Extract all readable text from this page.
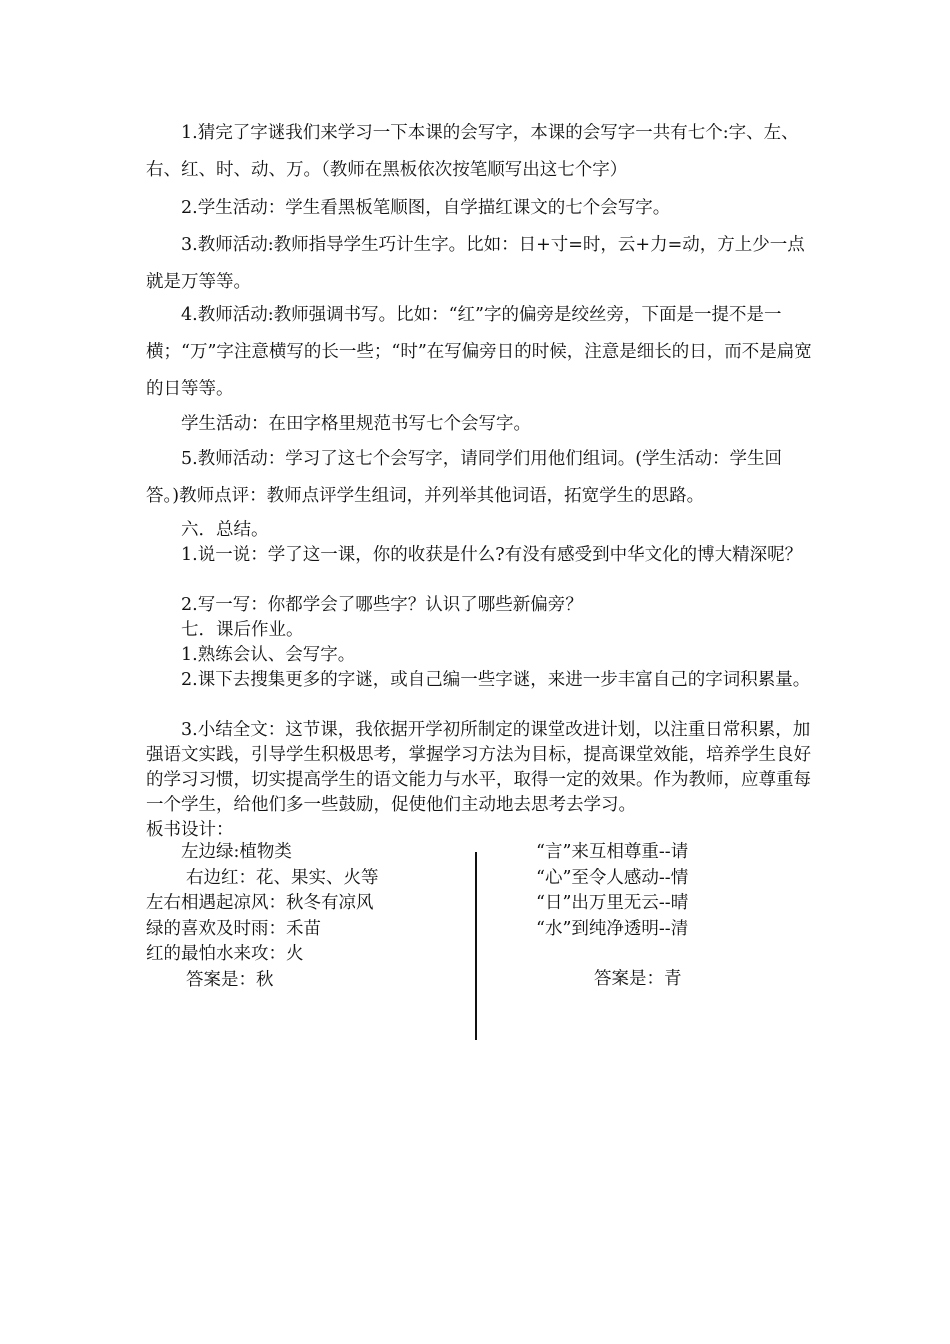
1.猜完了字谜我们来学习一下本课的会写字，本课的会写字一共有七个:字、左、右、红、时、动、万。（教师在黑板依次按笔顺写出这七个字）

2.学生活动：学生看黑板笔顺图，自学描红课文的七个会写字。

3.教师活动:教师指导学生巧计生字。比如：日+寸=时，云+力=动，方上少一点就是万等等。

4.教师活动:教师强调书写。比如：“红”字的偏旁是绞丝旁，下面是一提不是一横；“万”字注意横写的长一些；“时”在写偏旁日的时候，注意是细长的日，而不是扁宽的日等等。

学生活动：在田字格里规范书写七个会写字。

5.教师活动：学习了这七个会写字，请同学们用他们组词。(学生活动：学生回答。)教师点评：教师点评学生组词，并列举其他词语，拓宽学生的思路。

六．总结。

1.说一说：学了这一课，你的收获是什么?有没有感受到中华文化的博大精深呢？

2.写一写：你都学会了哪些字？认识了哪些新偏旁？

七．课后作业。

1.熟练会认、会写字。

2.课下去搜集更多的字谜，或自己编一些字谜，来进一步丰富自己的字词积累量。

3.小结全文：这节课，我依据开学初所制定的课堂改进计划，以注重日常积累，加强语文实践，引导学生积极思考，掌握学习方法为目标，提高课堂效能，培养学生良好的学习习惯，切实提高学生的语文能力与水平，取得一定的效果。作为教师，应尊重每一个学生，给他们多一些鼓励，促使他们主动地去思考去学习。

板书设计：

左边绿:植物类
右边红：花、果实、火等
左右相遇起凉风：秋冬有凉风
绿的喜欢及时雨：禾苗
红的最怕水来攻：火
答案是：秋
“言”来互相尊重--请
“心”至令人感动--情
“日”出万里无云--晴
“水”到纯净透明--清
答案是：青
